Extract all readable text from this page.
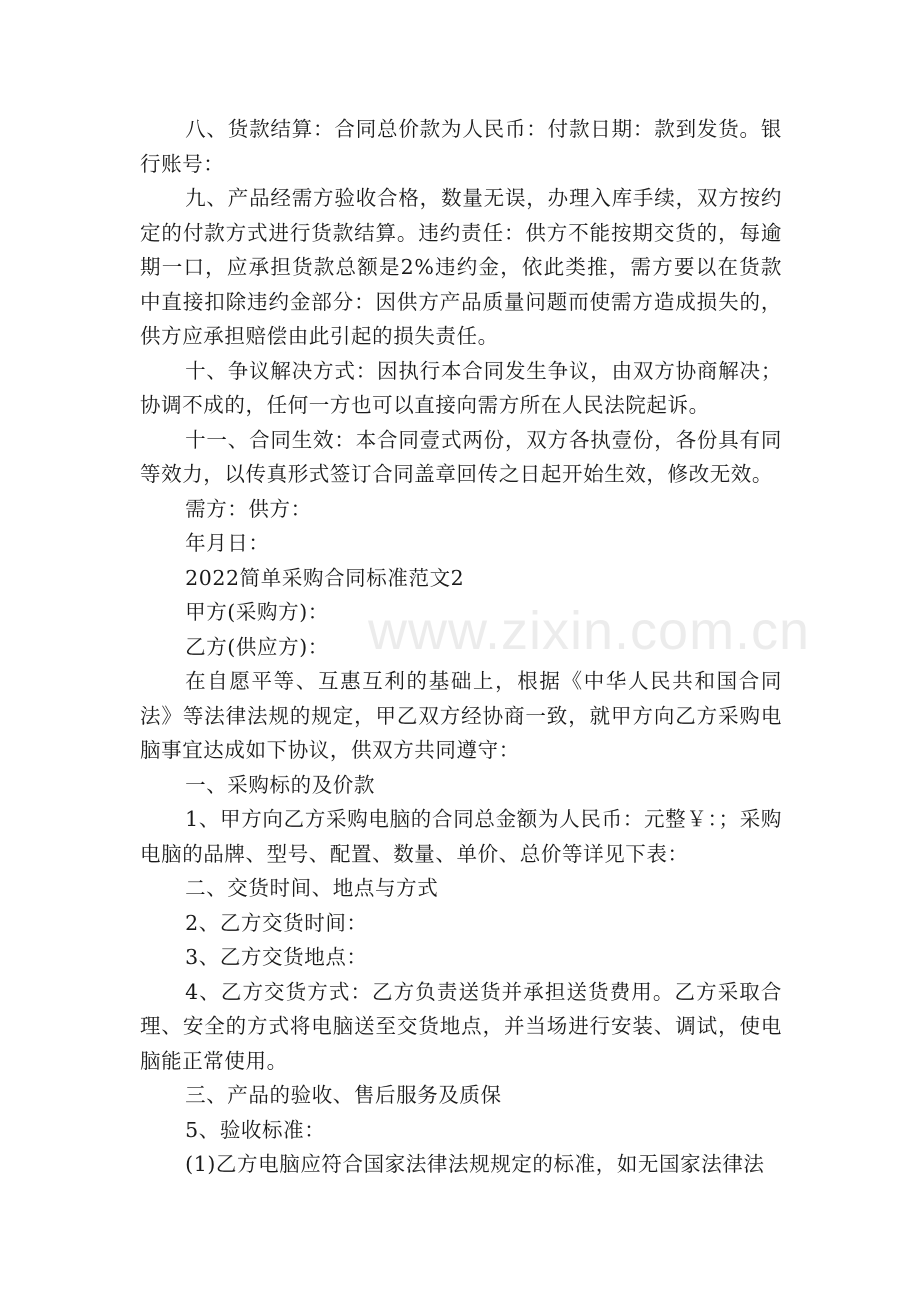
八、货款结算：合同总价款为人民币：付款日期：款到发货。银行账号：

九、产品经需方验收合格，数量无误，办理入库手续，双方按约定的付款方式进行货款结算。违约责任：供方不能按期交货的，每逾期一口，应承担货款总额是2%违约金，依此类推，需方要以在货款中直接扣除违约金部分：因供方产品质量问题而使需方造成损失的，供方应承担赔偿由此引起的损失责任。

十、争议解决方式：因执行本合同发生争议，由双方协商解决；协调不成的，任何一方也可以直接向需方所在人民法院起诉。

十一、合同生效：本合同壹式两份，双方各执壹份，各份具有同等效力，以传真形式签订合同盖章回传之日起开始生效，修改无效。

需方：供方：

年月日：

2022简单采购合同标准范文2

甲方(采购方)：

乙方(供应方)：

在自愿平等、互惠互利的基础上，根据《中华人民共和国合同法》等法律法规的规定，甲乙双方经协商一致，就甲方向乙方采购电脑事宜达成如下协议，供双方共同遵守：

一、采购标的及价款

1、甲方向乙方采购电脑的合同总金额为人民币：元整￥：；采购电脑的品牌、型号、配置、数量、单价、总价等详见下表：

二、交货时间、地点与方式

2、乙方交货时间：

3、乙方交货地点：

4、乙方交货方式：乙方负责送货并承担送货费用。乙方采取合理、安全的方式将电脑送至交货地点，并当场进行安装、调试，使电脑能正常使用。

三、产品的验收、售后服务及质保

5、验收标准：

(1)乙方电脑应符合国家法律法规规定的标准，如无国家法律法

www.zixin.com.cn
